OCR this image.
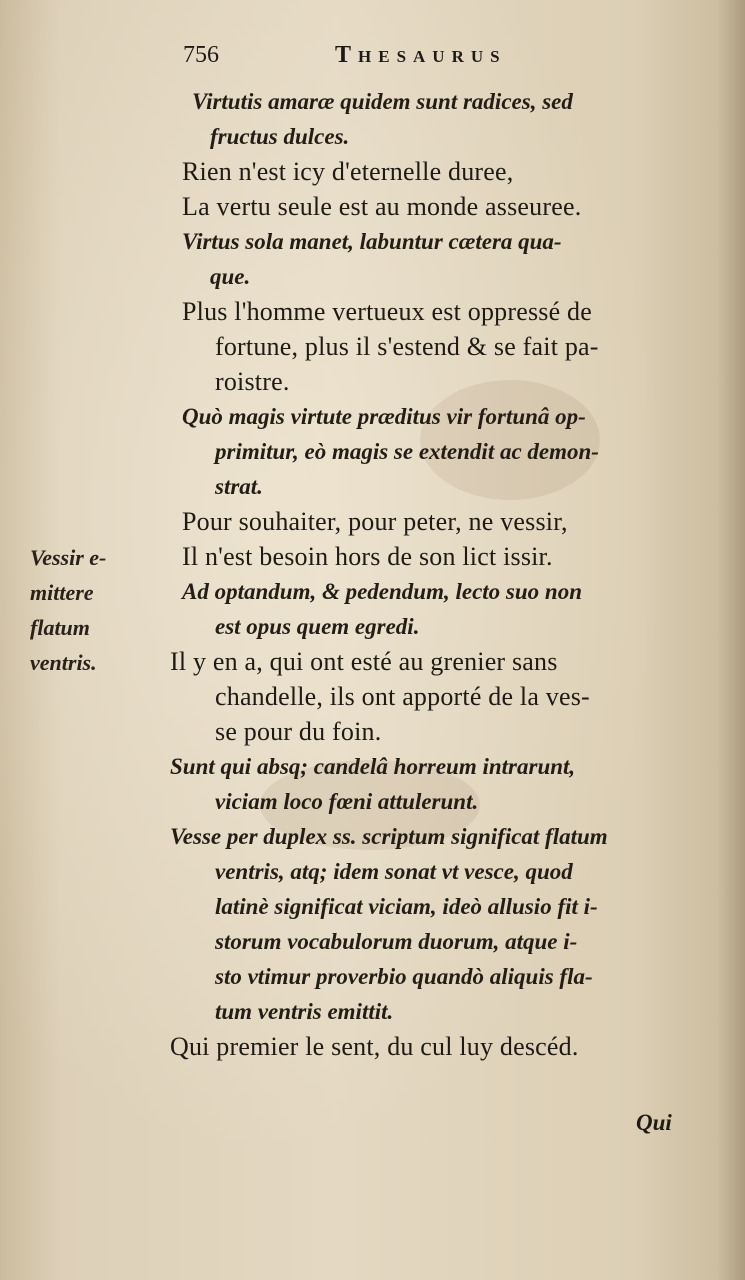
756	Thesaurus
Vessir e-
mittere
flatum
ventris.
Virtutis amaræ quidem sunt radices, sed
fructus dulces.
Rien n'est icy d'eternelle duree,
La vertu seule est au monde asseuree.
Virtus sola manet, labuntur cætera qua-
que.
Plus l'homme vertueux est oppressé de
fortune, plus il s'estend & se fait pa-
roistre.
Quò magis virtute præditus vir fortunâ op-
primitur, eò magis se extendit ac demon-
strat.
Pour souhaiter, pour peter, ne vessir,
Il n'est besoin hors de son lict issir.
Ad optandum, & pedendum, lecto suo non
est opus quem egredi.
Il y en a, qui ont esté au grenier sans
chandelle, ils ont apporté de la ves-
se pour du foin.
Sunt qui absq; candelâ horreum intrarunt,
viciam loco fœni attulerunt.
Vesse per duplex ss. scriptum significat flatum
ventris, atq; idem sonat vt vesce, quod
latinè significat viciam, ideò allusio fit i-
storum vocabulorum duorum, atque i-
sto vtimur proverbio quandò aliquis fla-
tum ventris emittit.
Qui premier le sent, du cul luy descéd.
Qui
